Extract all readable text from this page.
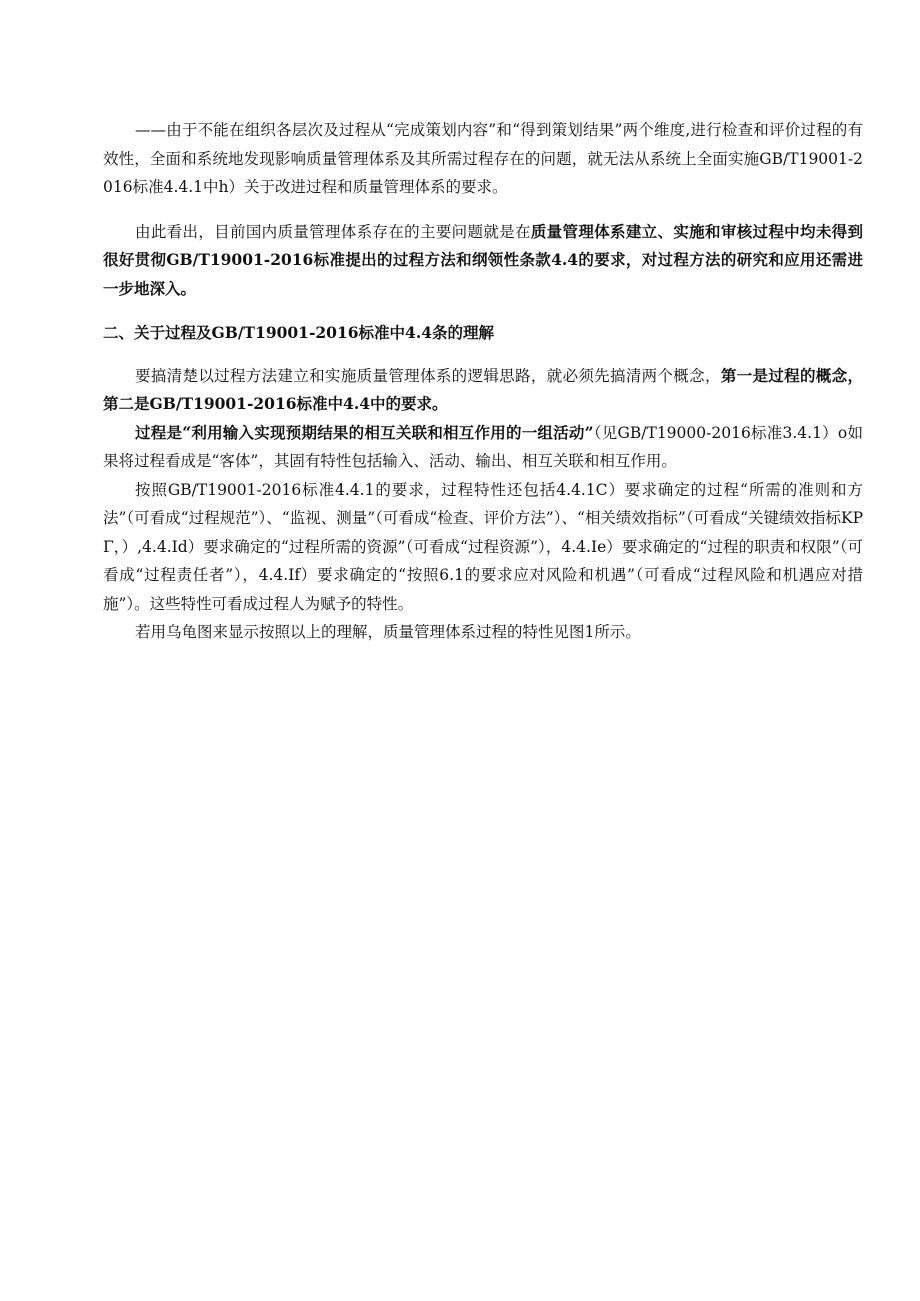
——由于不能在组织各层次及过程从“完成策划内容”和“得到策划结果”两个维度,进行检查和评价过程的有效性，全面和系统地发现影响质量管理体系及其所需过程存在的问题，就无法从系统上全面实施GB/T19001-2016标准4.4.1中h）关于改进过程和质量管理体系的要求。

由此看出，目前国内质量管理体系存在的主要问题就是在质量管理体系建立、实施和审核过程中均未得到很好贯彻GB/T19001-2016标准提出的过程方法和纲领性条款4.4的要求，对过程方法的研究和应用还需进一步地深入。

二、关于过程及GB/T19001-2016标准中4.4条的理解

要搞清楚以过程方法建立和实施质量管理体系的逻辑思路，就必须先搞清两个概念，第一是过程的概念，第二是GB/T19001-2016标准中4.4中的要求。

过程是“利用输入实现预期结果的相互关联和相互作用的一组活动”（见GB/T19000-2016标准3.4.1）o如果将过程看成是“客体”，其固有特性包括输入、活动、输出、相互关联和相互作用。

按照GB/T19001-2016标准4.4.1的要求，过程特性还包括4.4.1C）要求确定的过程“所需的准则和方法”（可看成“过程规范”）、“监视、测量”（可看成“检查、评价方法”）、“相关绩效指标”（可看成“关键绩效指标KPΓ，）,4.4.Id）要求确定的“过程所需的资源”（可看成“过程资源”），4.4.Ie）要求确定的“过程的职责和权限”（可看成“过程责任者”），4.4.If）要求确定的“按照6.1的要求应对风险和机遇”（可看成“过程风险和机遇应对措施”）。这些特性可看成过程人为赋予的特性。

若用乌龟图来显示按照以上的理解，质量管理体系过程的特性见图1所示。
